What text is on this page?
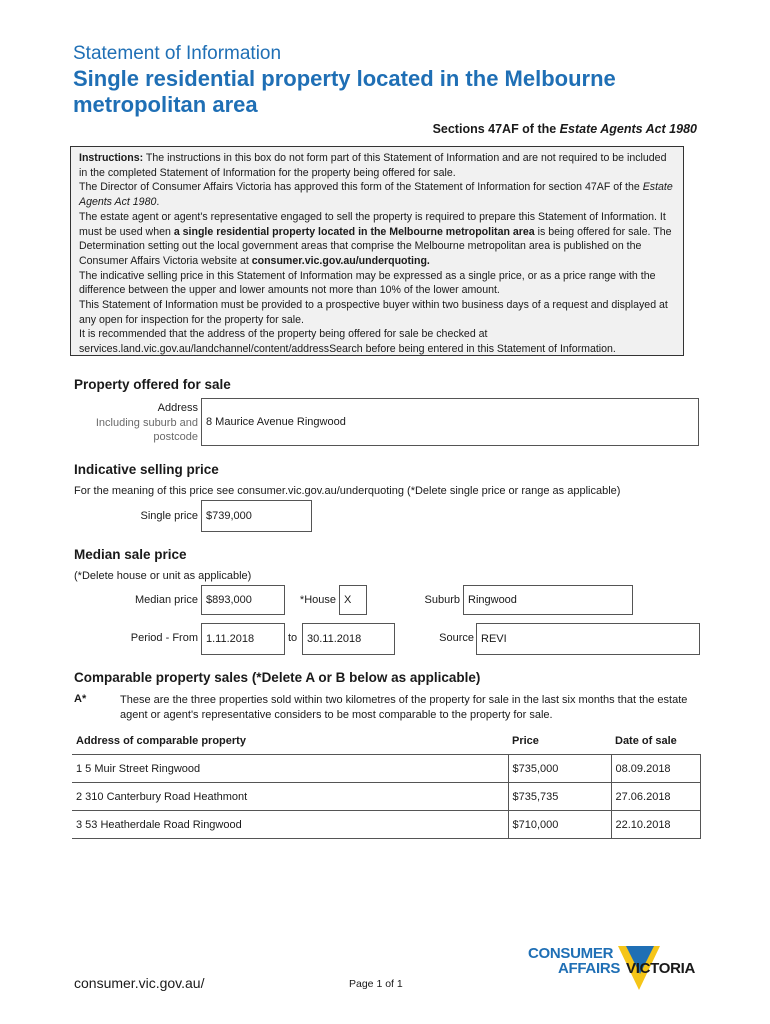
Statement of Information
Single residential property located in the Melbourne metropolitan area
Sections 47AF of the Estate Agents Act 1980

Instructions: The instructions in this box do not form part of this Statement of Information and are not required to be included in the completed Statement of Information for the property being offered for sale.

The Director of Consumer Affairs Victoria has approved this form of the Statement of Information for section 47AF of the Estate Agents Act 1980.

The estate agent or agent's representative engaged to sell the property is required to prepare this Statement of Information. It must be used when a single residential property located in the Melbourne metropolitan area is being offered for sale. The Determination setting out the local government areas that comprise the Melbourne metropolitan area is published on the Consumer Affairs Victoria website at consumer.vic.gov.au/underquoting.

The indicative selling price in this Statement of Information may be expressed as a single price, or as a price range with the difference between the upper and lower amounts not more than 10% of the lower amount.

This Statement of Information must be provided to a prospective buyer within two business days of a request and displayed at any open for inspection for the property for sale.

It is recommended that the address of the property being offered for sale be checked at services.land.vic.gov.au/landchannel/content/addressSearch before being entered in this Statement of Information.

Property offered for sale
Address
Including suburb and
postcode
8 Maurice Avenue Ringwood
Indicative selling price
For the meaning of this price see consumer.vic.gov.au/underquoting (*Delete single price or range as applicable)
Single price $739,000
Median sale price
(*Delete house or unit as applicable)
Median price $893,000	*House X	Suburb Ringwood
Period - From 1.11.2018	to 30.11.2018	Source REVI
Comparable property sales (*Delete A or B below as applicable)
A*	These are the three properties sold within two kilometres of the property for sale in the last six months that the estate agent or agent's representative considers to be most comparable to the property for sale.
Address of comparable property	Price	Date of sale
1 5 Muir Street Ringwood	$735,000	08.09.2018
2 310 Canterbury Road Heathmont	$735,735	27.06.2018
3 53 Heatherdale Road Ringwood	$710,000	22.10.2018
consumer.vic.gov.au/	Page 1 of 1
CONSUMER
AFFAIRS VICTORIA
